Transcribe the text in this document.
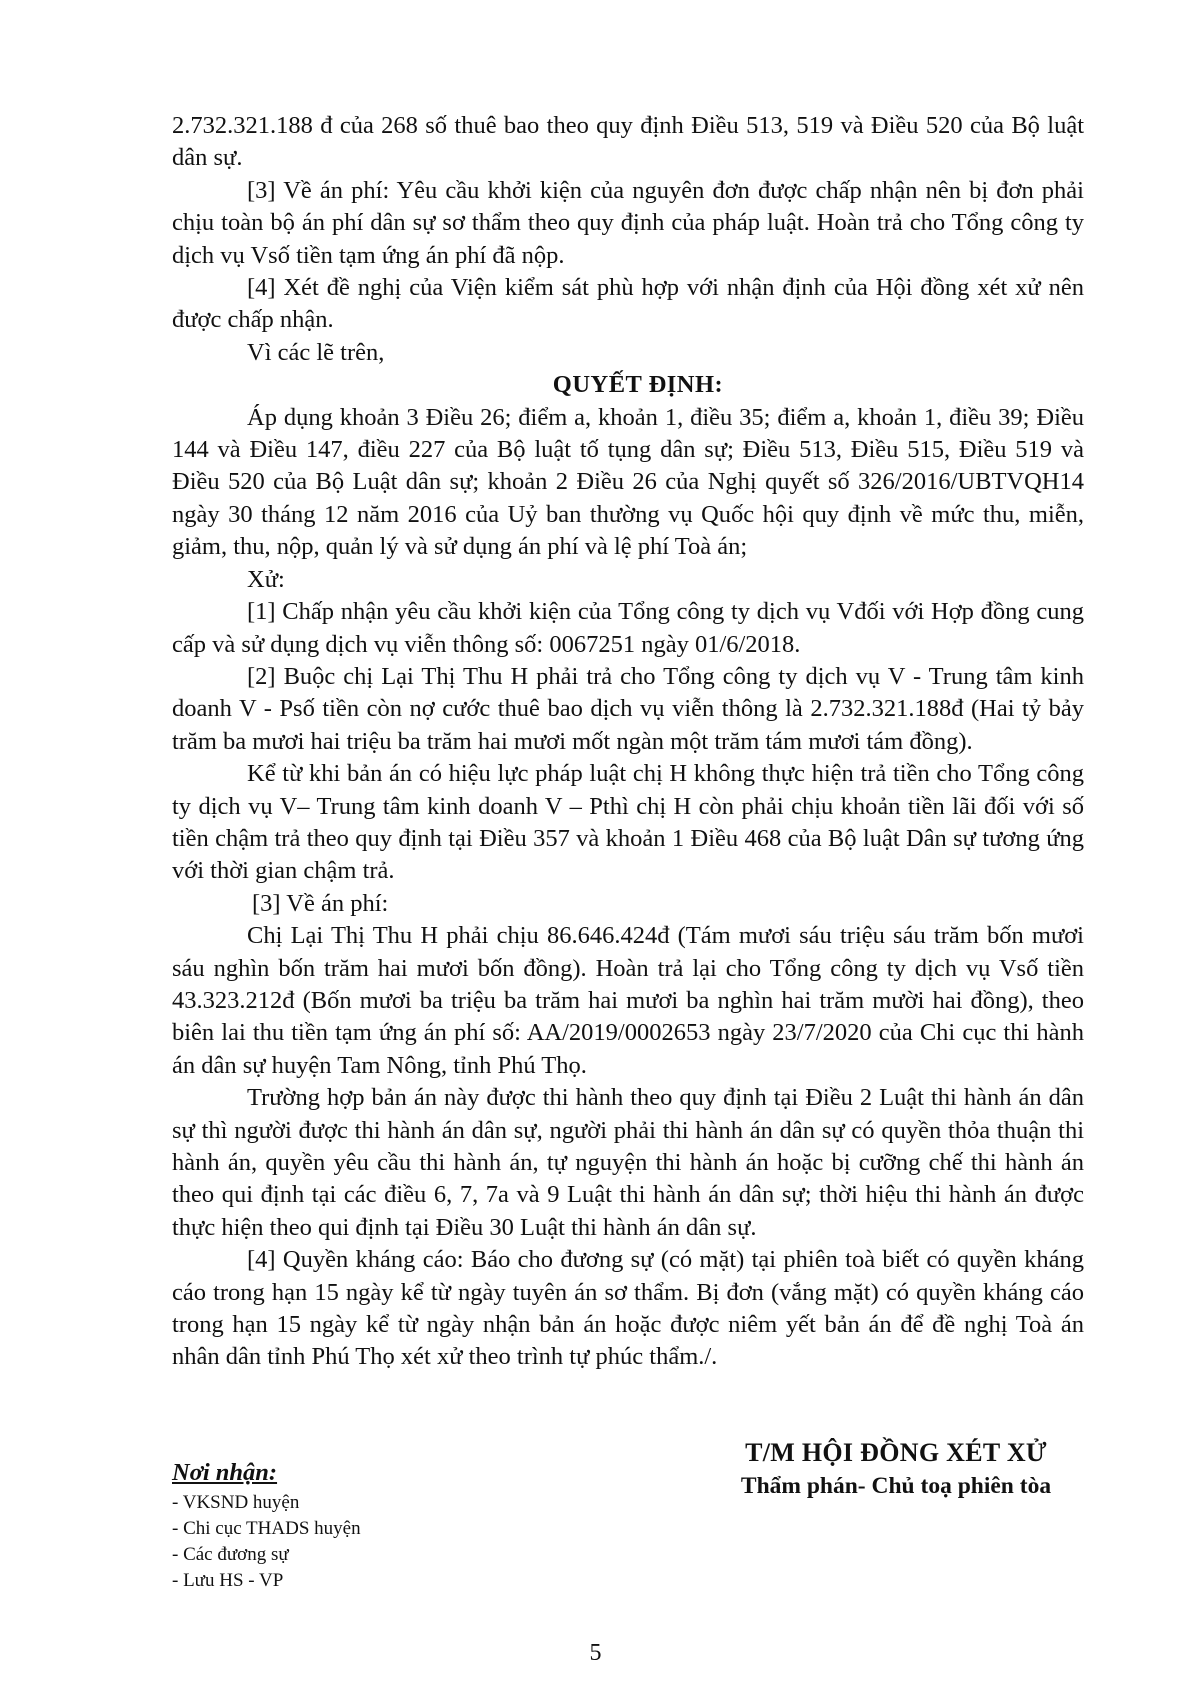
2.732.321.188 đ của 268 số thuê bao theo quy định Điều 513, 519 và Điều 520 của Bộ luật dân sự.

[3] Về án phí: Yêu cầu khởi kiện của nguyên đơn được chấp nhận nên bị đơn phải chịu toàn bộ án phí dân sự sơ thẩm theo quy định của pháp luật. Hoàn trả cho Tổng công ty dịch vụ Vsố tiền tạm ứng án phí đã nộp.

[4] Xét đề nghị của Viện kiểm sát phù hợp với nhận định của Hội đồng xét xử nên được chấp nhận.

Vì các lẽ trên,

QUYẾT ĐỊNH:

Áp dụng khoản 3 Điều 26; điểm a, khoản 1, điều 35; điểm a, khoản 1, điều 39; Điều 144 và Điều 147, điều 227 của Bộ luật tố tụng dân sự; Điều 513, Điều 515, Điều 519 và Điều 520 của Bộ Luật dân sự; khoản 2 Điều 26 của Nghị quyết số 326/2016/UBTVQH14 ngày 30 tháng 12 năm 2016 của Uỷ ban thường vụ Quốc hội quy định về mức thu, miễn, giảm, thu, nộp, quản lý và sử dụng án phí và lệ phí Toà án;

Xử:

[1] Chấp nhận yêu cầu khởi kiện của Tổng công ty dịch vụ Vđối với Hợp đồng cung cấp và sử dụng dịch vụ viễn thông số: 0067251 ngày 01/6/2018.

[2] Buộc chị Lại Thị Thu H phải trả cho Tổng công ty dịch vụ V - Trung tâm kinh doanh V - Psố tiền còn nợ cước thuê bao dịch vụ viễn thông là 2.732.321.188đ (Hai tỷ bảy trăm ba mươi hai triệu ba trăm hai mươi mốt ngàn một trăm tám mươi tám đồng).

Kể từ khi bản án có hiệu lực pháp luật chị H không thực hiện trả tiền cho Tổng công ty dịch vụ V– Trung tâm kinh doanh V – Pthì chị H còn phải chịu khoản tiền lãi đối với số tiền chậm trả theo quy định tại Điều 357 và khoản 1 Điều 468 của Bộ luật Dân sự tương ứng với thời gian chậm trả.

[3] Về án phí:

Chị Lại Thị Thu H phải chịu 86.646.424đ (Tám mươi sáu triệu sáu trăm bốn mươi sáu nghìn bốn trăm hai mươi bốn đồng). Hoàn trả lại cho Tổng công ty dịch vụ Vsố tiền 43.323.212đ (Bốn mươi ba triệu ba trăm hai mươi ba nghìn hai trăm mười hai đồng), theo biên lai thu tiền tạm ứng án phí số: AA/2019/0002653 ngày 23/7/2020 của Chi cục thi hành án dân sự huyện Tam Nông, tỉnh Phú Thọ.

Trường hợp bản án này được thi hành theo quy định tại Điều 2 Luật thi hành án dân sự thì người được thi hành án dân sự, người phải thi hành án dân sự có quyền thỏa thuận thi hành án, quyền yêu cầu thi hành án, tự nguyện thi hành án hoặc bị cưỡng chế thi hành án theo qui định tại các điều 6, 7, 7a và 9 Luật thi hành án dân sự; thời hiệu thi hành án được thực hiện theo qui định tại Điều 30 Luật thi hành án dân sự.

[4] Quyền kháng cáo: Báo cho đương sự (có mặt) tại phiên toà biết có quyền kháng cáo trong hạn 15 ngày kể từ ngày tuyên án sơ thẩm. Bị đơn (vắng mặt) có quyền kháng cáo trong hạn 15 ngày kể từ ngày nhận bản án hoặc được niêm yết bản án để đề nghị Toà án nhân dân tỉnh Phú Thọ xét xử theo trình tự phúc thẩm./.

T/M HỘI ĐỒNG XÉT XỬ
Thẩm phán- Chủ toạ phiên tòa
Nơi nhận:
- VKSND huyện
- Chi cục THADS huyện
- Các đương sự
- Lưu HS - VP
5
